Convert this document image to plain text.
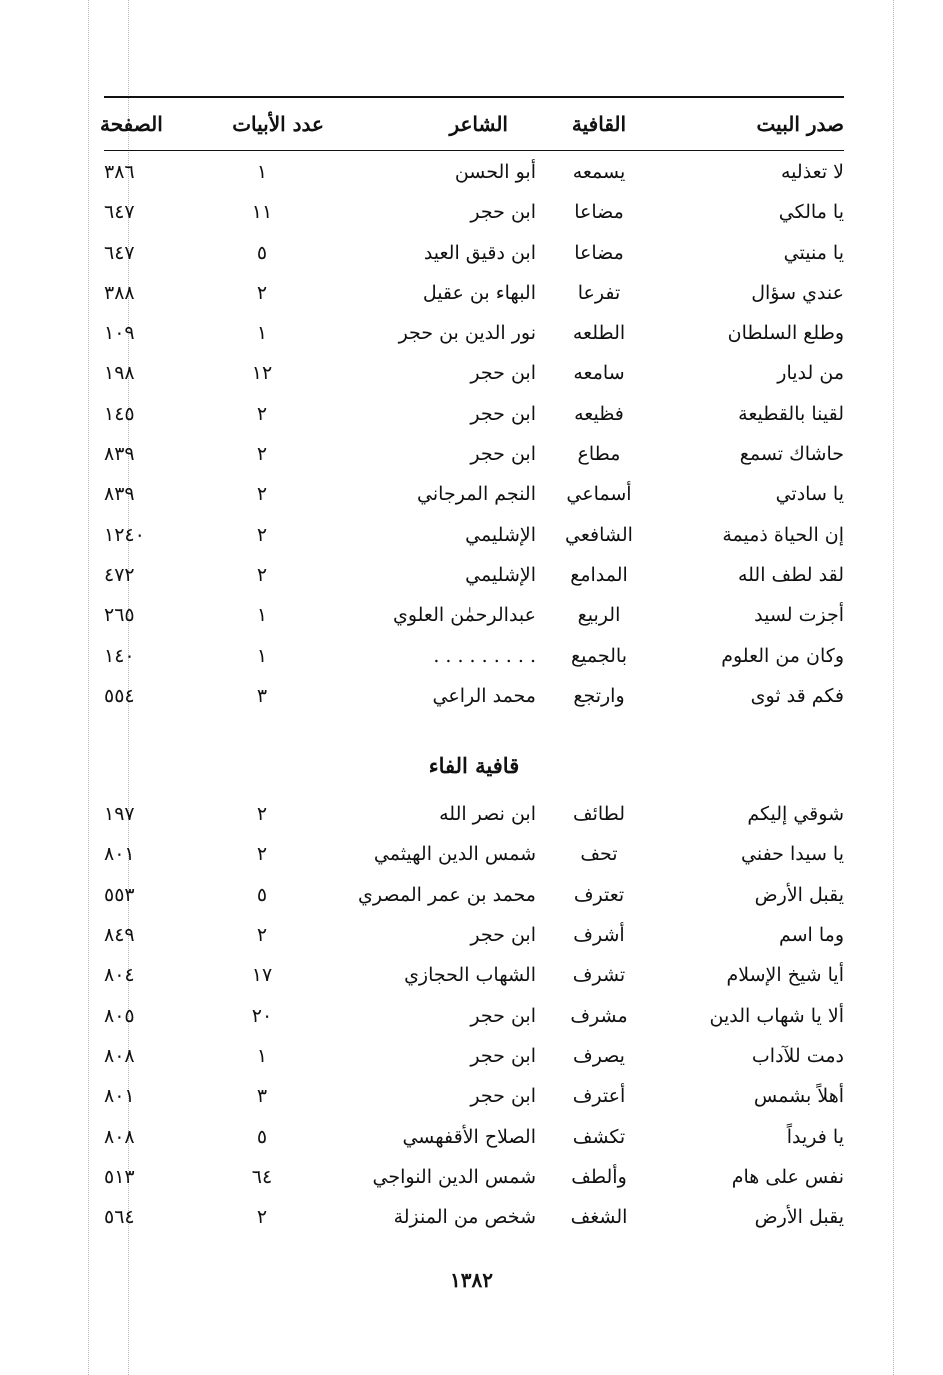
صدر البيت
القافية
الشاعر
عدد الأبيات
الصفحة
لا تعذليه
يسمعه
أبو الحسن
١
٣٨٦
يا مالكي
مضاعا
ابن حجر
١١
٦٤٧
يا منيتي
مضاعا
ابن دقيق العيد
٥
٦٤٧
عندي سؤال
تفرعا
البهاء بن عقيل
٢
٣٨٨
وطلع السلطان
الطلعه
نور الدين بن حجر
١
١٠٩
من لديار
سامعه
ابن حجر
١٢
١٩٨
لقينا بالقطيعة
فظيعه
ابن حجر
٢
١٤٥
حاشاك تسمع
مطاع
ابن حجر
٢
٨٣٩
يا سادتي
أسماعي
النجم المرجاني
٢
٨٣٩
إن الحياة ذميمة
الشافعي
الإشليمي
٢
١٢٤٠
لقد لطف الله
المدامع
الإشليمي
٢
٤٧٢
أجزت لسيد
الربيع
عبدالرحمٰن العلوي
١
٢٦٥
وكان من العلوم
بالجميع
. . . . . . . . .
١
١٤٠
فكم قد ثوى
وارتجع
محمد الراعي
٣
٥٥٤
قافية الفاء
شوقي إليكم
لطائف
ابن نصر الله
٢
١٩٧
يا سيدا حفني
تحف
شمس الدين الهيثمي
٢
٨٠١
يقبل الأرض
تعترف
محمد بن عمر المصري
٥
٥٥٣
وما اسم
أشرف
ابن حجر
٢
٨٤٩
أيا شيخ الإسلام
تشرف
الشهاب الحجازي
١٧
٨٠٤
ألا يا شهاب الدين
مشرف
ابن حجر
٢٠
٨٠٥
دمت للآداب
يصرف
ابن حجر
١
٨٠٨
أهلاً بشمس
أعترف
ابن حجر
٣
٨٠١
يا فريداً
تكشف
الصلاح الأقفهسي
٥
٨٠٨
نفس على هام
وألطف
شمس الدين النواجي
٦٤
٥١٣
يقبل الأرض
الشغف
شخص من المنزلة
٢
٥٦٤
١٣٨٢
